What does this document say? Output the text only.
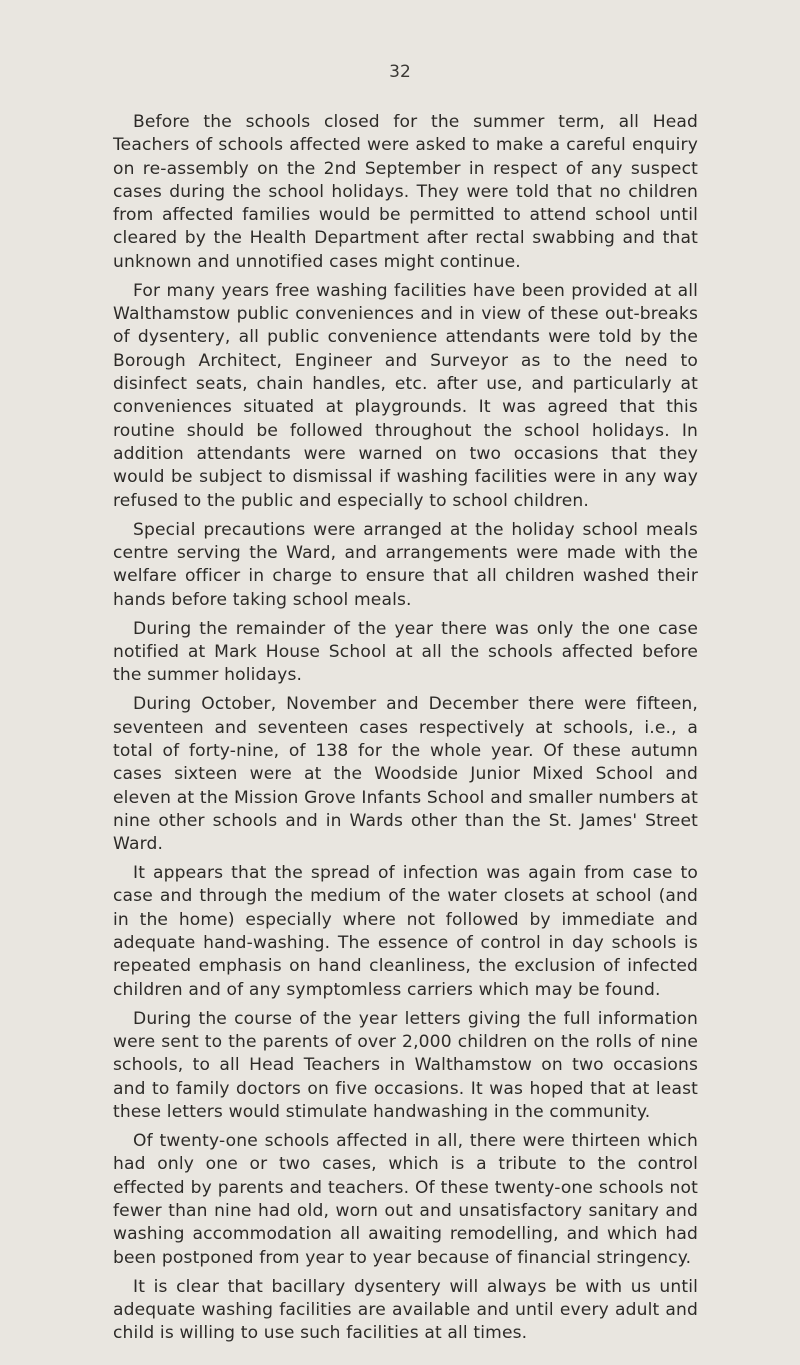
32

Before the schools closed for the summer term, all Head Teachers of schools affected were asked to make a careful enquiry on re-assembly on the 2nd September in respect of any suspect cases during the school holidays. They were told that no children from affected families would be permitted to attend school until cleared by the Health Department after rectal swabbing and that unknown and unnotified cases might continue.

For many years free washing facilities have been provided at all Walthamstow public conveniences and in view of these out-breaks of dysentery, all public convenience attendants were told by the Borough Architect, Engineer and Surveyor as to the need to disinfect seats, chain handles, etc. after use, and particularly at conveniences situated at playgrounds. It was agreed that this routine should be followed throughout the school holidays. In addition attendants were warned on two occasions that they would be subject to dismissal if washing facilities were in any way refused to the public and especially to school children.

Special precautions were arranged at the holiday school meals centre serving the Ward, and arrangements were made with the welfare officer in charge to ensure that all children washed their hands before taking school meals.

During the remainder of the year there was only the one case notified at Mark House School at all the schools affected before the summer holidays.

During October, November and December there were fifteen, seventeen and seventeen cases respectively at schools, i.e., a total of forty-nine, of 138 for the whole year. Of these autumn cases sixteen were at the Woodside Junior Mixed School and eleven at the Mission Grove Infants School and smaller numbers at nine other schools and in Wards other than the St. James' Street Ward.

It appears that the spread of infection was again from case to case and through the medium of the water closets at school (and in the home) especially where not followed by immediate and adequate hand-washing. The essence of control in day schools is repeated emphasis on hand cleanliness, the exclusion of infected children and of any symptomless carriers which may be found.

During the course of the year letters giving the full information were sent to the parents of over 2,000 children on the rolls of nine schools, to all Head Teachers in Walthamstow on two occasions and to family doctors on five occasions. It was hoped that at least these letters would stimulate handwashing in the community.

Of twenty-one schools affected in all, there were thirteen which had only one or two cases, which is a tribute to the control effected by parents and teachers. Of these twenty-one schools not fewer than nine had old, worn out and unsatisfactory sanitary and washing accommodation all awaiting remodelling, and which had been postponed from year to year because of financial stringency.

It is clear that bacillary dysentery will always be with us until adequate washing facilities are available and until every adult and child is willing to use such facilities at all times.
